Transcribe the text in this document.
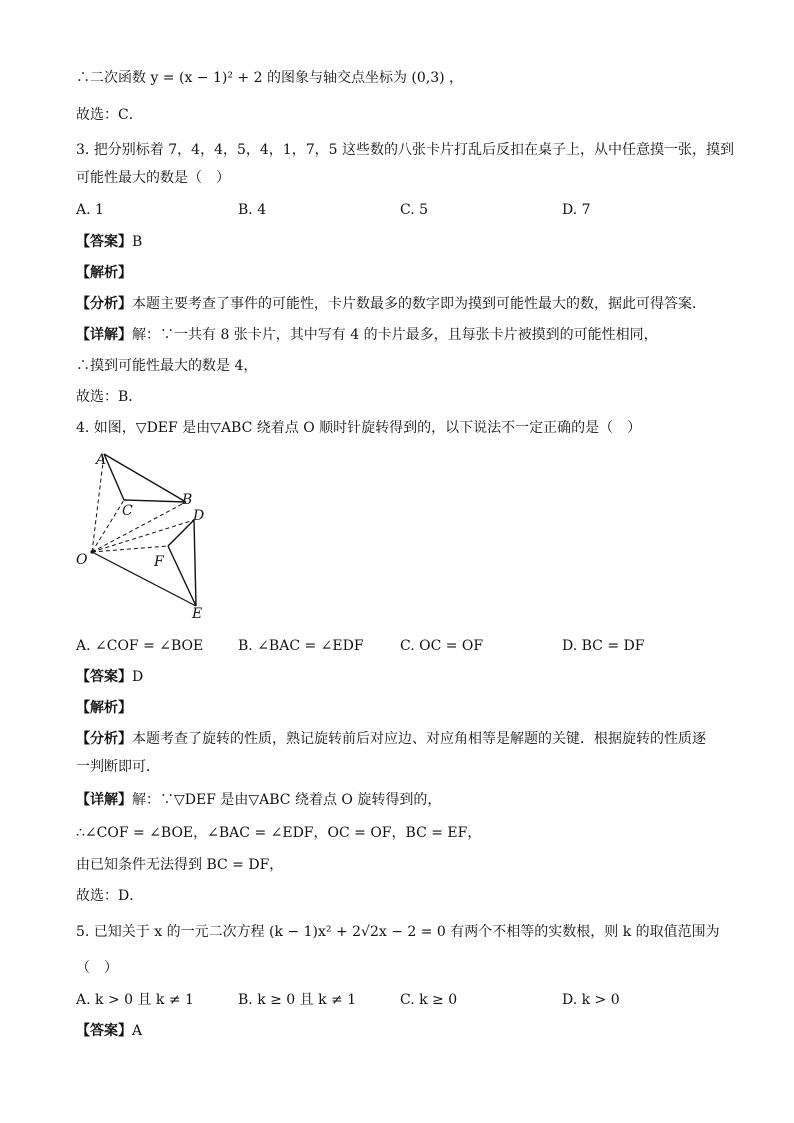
∴二次函数 y = (x − 1)² + 2 的图象与轴交点坐标为 (0,3) ，
故选：C．
3. 把分别标着 7，4，4，5，4，1，7，5 这些数的八张卡片打乱后反扣在桌子上，从中任意摸一张，摸到
可能性最大的数是（　）
A. 1	B. 4	C. 5	D. 7
【答案】B
【解析】
【分析】本题主要考查了事件的可能性，卡片数最多的数字即为摸到可能性最大的数，据此可得答案．
【详解】解：∵一共有 8 张卡片，其中写有 4 的卡片最多，且每张卡片被摸到的可能性相同，
∴摸到可能性最大的数是 4，
故选：B．
4. 如图，▽DEF 是由▽ABC 绕着点 O 顺时针旋转得到的，以下说法不一定正确的是（　）
A
B
C	D
E
F
O
A. ∠COF = ∠BOE B. ∠BAC = ∠EDF	C. OC = OF	D. BC = DF
【答案】D
【解析】
【分析】本题考查了旋转的性质，熟记旋转前后对应边、对应角相等是解题的关键．根据旋转的性质逐
一判断即可．
【详解】解：∵▽DEF 是由▽ABC 绕着点 O 旋转得到的，
∴∠COF = ∠BOE，∠BAC = ∠EDF，OC = OF，BC = EF，
由已知条件无法得到 BC = DF，
故选：D．
5. 已知关于 x 的一元二次方程 (k − 1)x² + 2√2x − 2 = 0 有两个不相等的实数根，则 k 的取值范围为
（　）
A. k > 0 且 k ≠ 1	B. k ≥ 0 且 k ≠ 1	C. k ≥ 0	D. k > 0
【答案】A
